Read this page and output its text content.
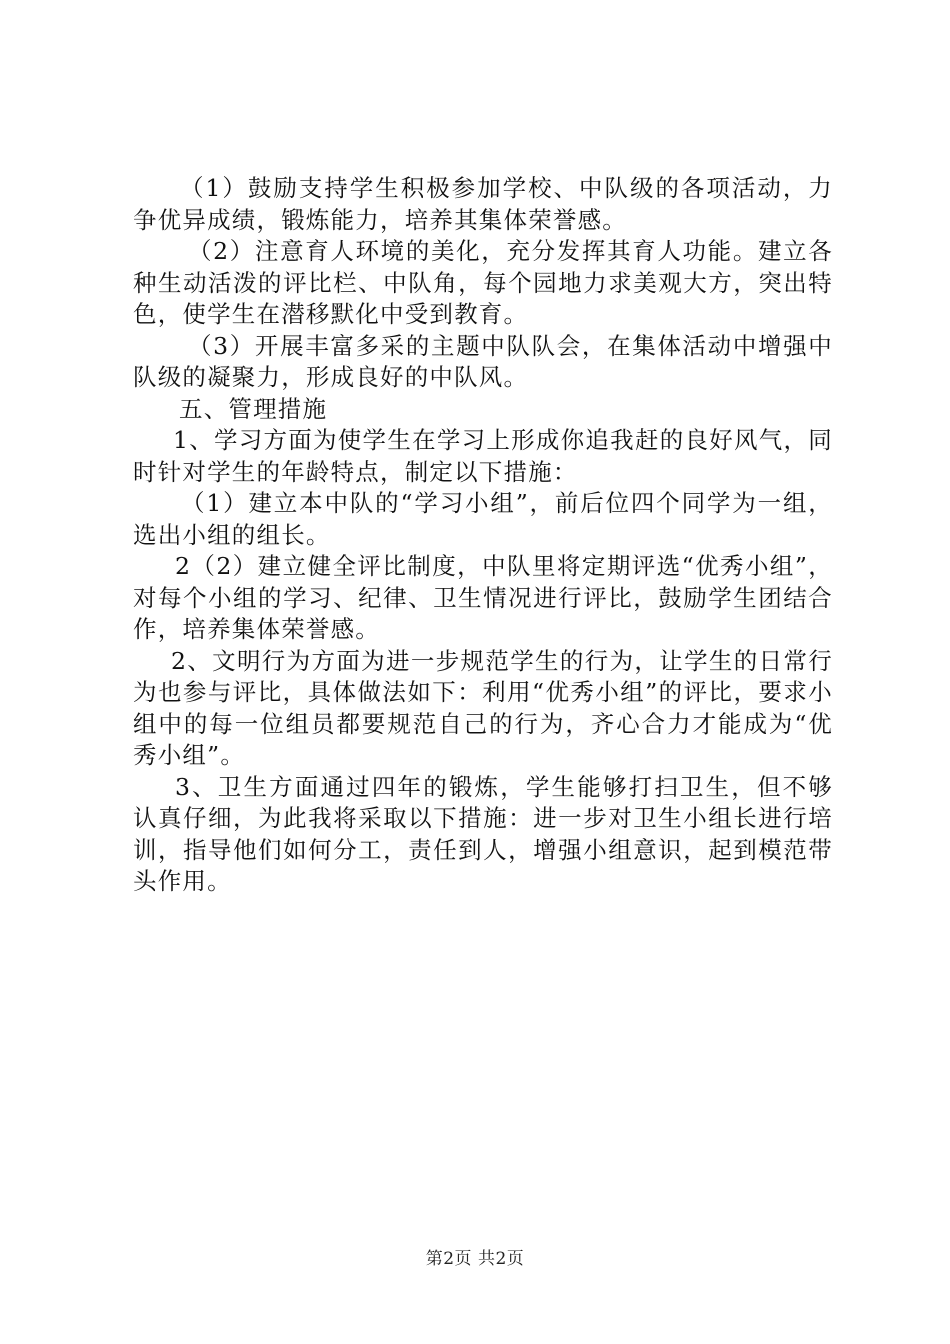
（1）鼓励支持学生积极参加学校、中队级的各项活动，力争优异成绩，锻炼能力，培养其集体荣誉感。

（2）注意育人环境的美化，充分发挥其育人功能。建立各种生动活泼的评比栏、中队角，每个园地力求美观大方，突出特色，使学生在潜移默化中受到教育。

（3）开展丰富多采的主题中队队会，在集体活动中增强中队级的凝聚力，形成良好的中队风。

五、管理措施

1、学习方面为使学生在学习上形成你追我赶的良好风气，同时针对学生的年龄特点，制定以下措施：

（1）建立本中队的“学习小组”，前后位四个同学为一组，选出小组的组长。

2（2）建立健全评比制度，中队里将定期评选“优秀小组”，对每个小组的学习、纪律、卫生情况进行评比，鼓励学生团结合作，培养集体荣誉感。

2、文明行为方面为进一步规范学生的行为，让学生的日常行为也参与评比，具体做法如下：利用“优秀小组”的评比，要求小组中的每一位组员都要规范自己的行为，齐心合力才能成为“优秀小组”。

3、卫生方面通过四年的锻炼，学生能够打扫卫生，但不够认真仔细，为此我将采取以下措施：进一步对卫生小组长进行培训，指导他们如何分工，责任到人，增强小组意识，起到模范带头作用。

第2页 共2页
